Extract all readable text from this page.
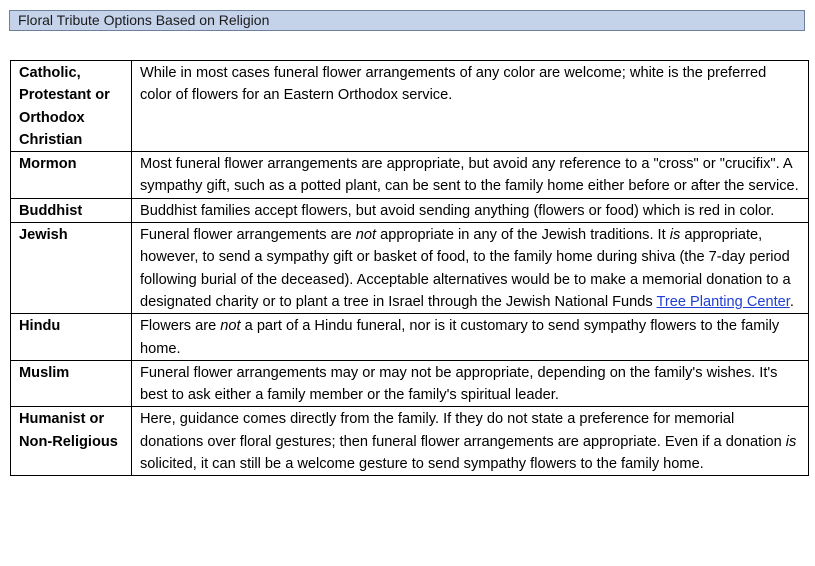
Floral Tribute Options Based on Religion
Catholic, Protestant or Orthodox Christian	While in most cases funeral flower arrangements of any color are welcome; white is the preferred color of flowers for an Eastern Orthodox service.
Mormon	Most funeral flower arrangements are appropriate, but avoid any reference to a "cross" or "crucifix". A sympathy gift, such as a potted plant, can be sent to the family home either before or after the service.
Buddhist	Buddhist families accept flowers, but avoid sending anything (flowers or food) which is red in color.
Jewish	Funeral flower arrangements are not appropriate in any of the Jewish traditions. It is appropriate, however, to send a sympathy gift or basket of food, to the family home during shiva (the 7-day period following burial of the deceased). Acceptable alternatives would be to make a memorial donation to a designated charity or to plant a tree in Israel through the Jewish National Funds Tree Planting Center.
Hindu	Flowers are not a part of a Hindu funeral, nor is it customary to send sympathy flowers to the family home.
Muslim	Funeral flower arrangements may or may not be appropriate, depending on the family's wishes. It's best to ask either a family member or the family's spiritual leader.
Humanist or Non-Religious	Here, guidance comes directly from the family. If they do not state a preference for memorial donations over floral gestures; then funeral flower arrangements are appropriate. Even if a donation is solicited, it can still be a welcome gesture to send sympathy flowers to the family home.
